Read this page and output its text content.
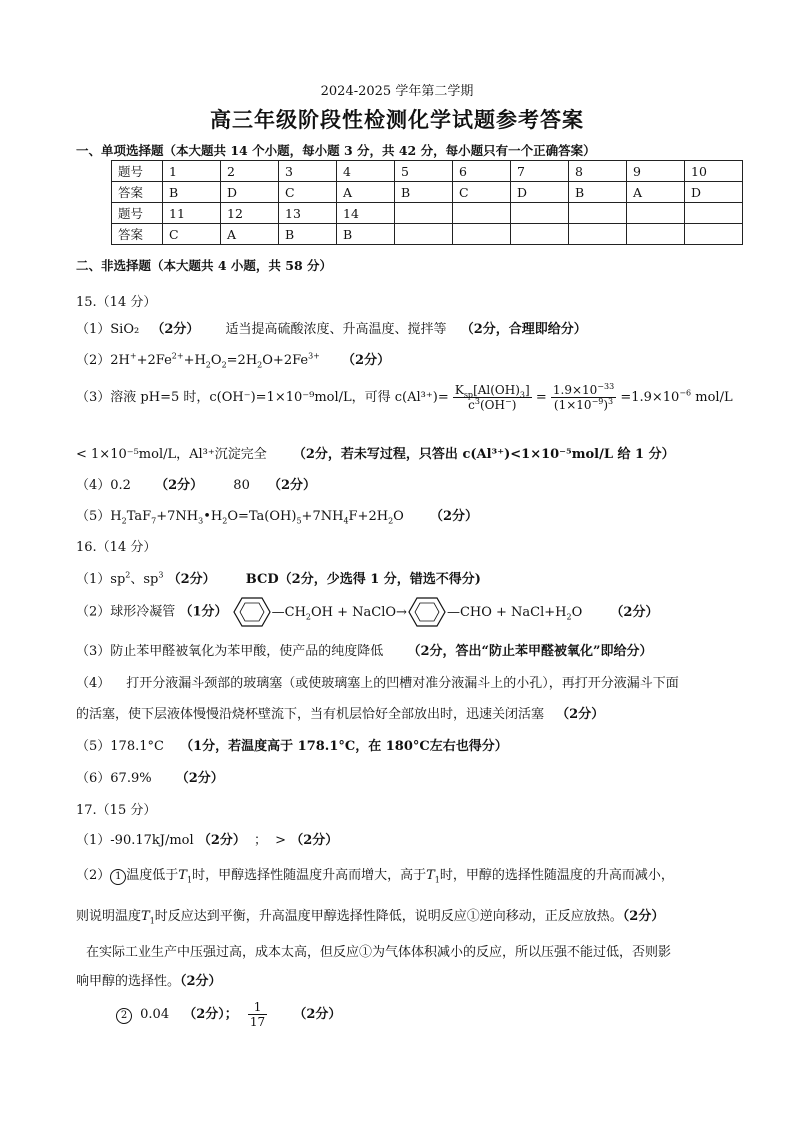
2024-2025 学年第二学期
高三年级阶段性检测化学试题参考答案
一、单项选择题（本大题共 14 个小题，每小题 3 分，共 42 分，每小题只有一个正确答案）
题号	1	2	3	4	5	6	7	8	9	10
答案	B	D	C	A	B	C	D	B	A	D
题号	11	12	13	14						
答案	C	A	B	B						
二、非选择题（本大题共 4 小题，共 58 分）
15.（14 分）
（1）SiO₂ （2分） 适当提高硫酸浓度、升高温度、搅拌等 （2分，合理即给分）
$(2)2H^++2Fe^{2+}+H_2O_2=2H_2O+2Fe^{3+}$ （2分）
（3）溶液 pH=5 时，c(OH⁻)=1×10⁻⁹mol/L，可得 $c(Al^{3+})= \frac{K_{sp}[Al(OH)_3]}{c^3(OH^-)} = \frac{1.9\times 10^{-33}}{(1\times 10^{-9})^3} =1.9\times 10^{-6}$ mol/L
< 1×10⁻⁵mol/L，Al³⁺沉淀完全 （2分，若未写过程，只答出 c(Al³⁺)<1×10⁻⁵mol/L 给 1 分）
（4）0.2 （2分） 80 （2分）
$(5)H_2TaF_7+7NH_3•H_2O=Ta(OH)_5+7NH_4F+2H_2O$ （2分）
16.（14 分）
$(1)sp^2$、$sp^3$ （2分） BCD（2分，少选得 1 分，错选不得分)
（2）球形冷凝管 （1分）	$—CH_2OH$ + NaClO→	—CHO + $NaCl+H_2O$ （2分）
（3）防止苯甲醛被氧化为苯甲酸，使产品的纯度降低 （2分，答出“防止苯甲醛被氧化”即给分）
（4） 打开分液漏斗颈部的玻璃塞（或使玻璃塞上的凹槽对准分液漏斗上的小孔），再打开分液漏斗下面
的活塞，使下层液体慢慢沿烧杯壁流下，当有机层恰好全部放出时，迅速关闭活塞 （2分）
（5）178.1°C （1分，若温度高于 178.1°C，在 180°C左右也得分）
（6）67.9% （2分）
17.（15 分）
（1）-90.17kJ/mol （2分） ； > （2分）
（2） 1 温度低于$T_1$时，甲醇选择性随温度升高而增大，高于$T_1$时，甲醇的选择性随温度的升高而减小，
则说明温度$T_1$时反应达到平衡，升高温度甲醇选择性降低，说明反应①逆向移动，正反应放热。（2分）
在实际工业生产中压强过高，成本太高，但反应①为气体体积减小的反应，所以压强不能过低，否则影
响甲醇的选择性。（2分）
2 0.04 （2分）； $\frac{1}{17} (2$分）
